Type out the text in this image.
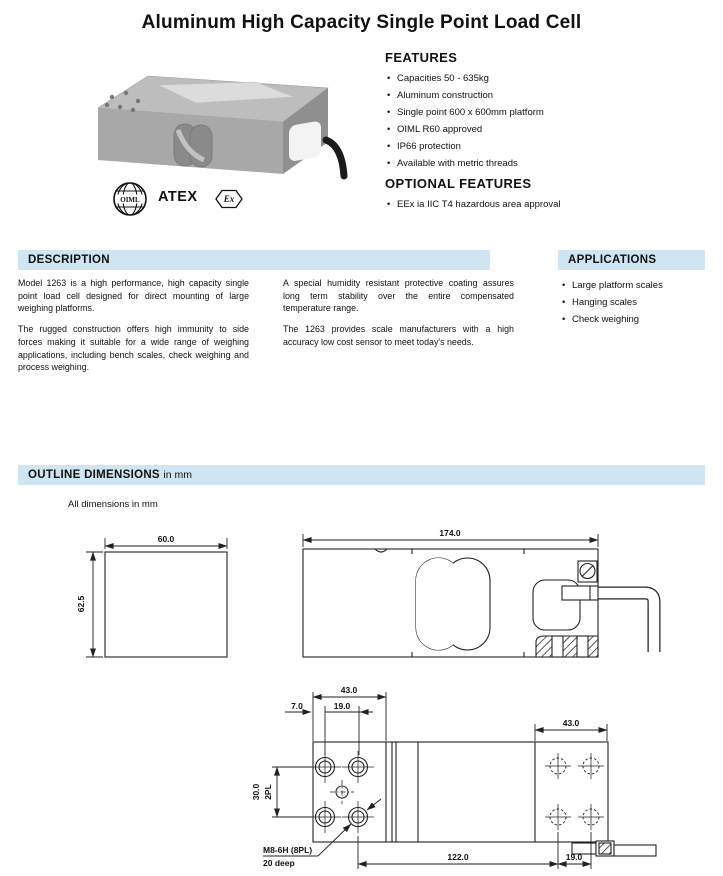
Aluminum High Capacity Single Point Load Cell
OIML ATEX	Ex
FEATURES
• Capacities 50 - 635kg
• Aluminum construction
• Single point 600 x 600mm platform
• OIML R60 approved
• IP66 protection
• Available with metric threads
OPTIONAL FEATURES
• EEx ia IIC T4 hazardous area approval
DESCRIPTION	APPLICATIONS

Model 1263 is a high performance, high capacity single point load cell designed for direct mounting of large weighing platforms.

The rugged construction offers high immunity to side forces making it suitable for a wide range of weighing applications, including bench scales, check weighing and process weighing.

A special humidity resistant protective coating assures long term stability over the entire compensated temperature range.

The 1263 provides scale manufacturers with a high accuracy low cost sensor to meet today's needs.

• Large platform scales
• Hanging scales
• Check weighing
OUTLINE DIMENSIONS in mm
All dimensions in mm
60.0
62.5
174.0
43.0
7.0	19.0
43.0
30.0 2PL
M8-6H (8PL)
20 deep
122.0	19.0
